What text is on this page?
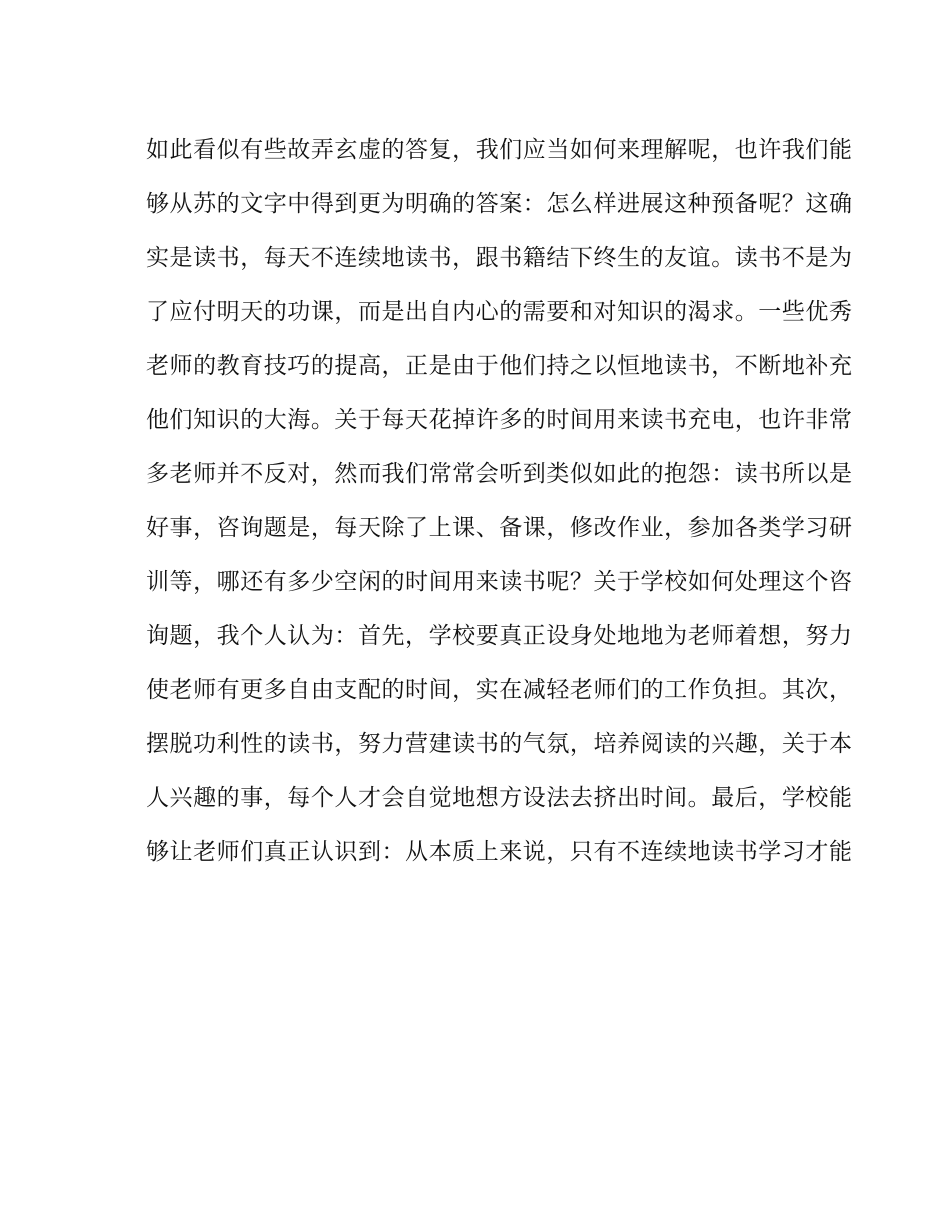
如此看似有些故弄玄虚的答复，我们应当如何来理解呢，也许我们能

够从苏的文字中得到更为明确的答案：怎么样进展这种预备呢？这确

实是读书，每天不连续地读书，跟书籍结下终生的友谊。读书不是为

了应付明天的功课，而是出自内心的需要和对知识的渴求。一些优秀

老师的教育技巧的提高，正是由于他们持之以恒地读书，不断地补充

他们知识的大海。关于每天花掉许多的时间用来读书充电，也许非常

多老师并不反对，然而我们常常会听到类似如此的抱怨：读书所以是

好事，咨询题是，每天除了上课、备课，修改作业，参加各类学习研

训等，哪还有多少空闲的时间用来读书呢？关于学校如何处理这个咨

询题，我个人认为：首先，学校要真正设身处地地为老师着想，努力

使老师有更多自由支配的时间，实在减轻老师们的工作负担。其次，

摆脱功利性的读书，努力营建读书的气氛，培养阅读的兴趣，关于本

人兴趣的事，每个人才会自觉地想方设法去挤出时间。最后，学校能

够让老师们真正认识到：从本质上来说，只有不连续地读书学习才能
